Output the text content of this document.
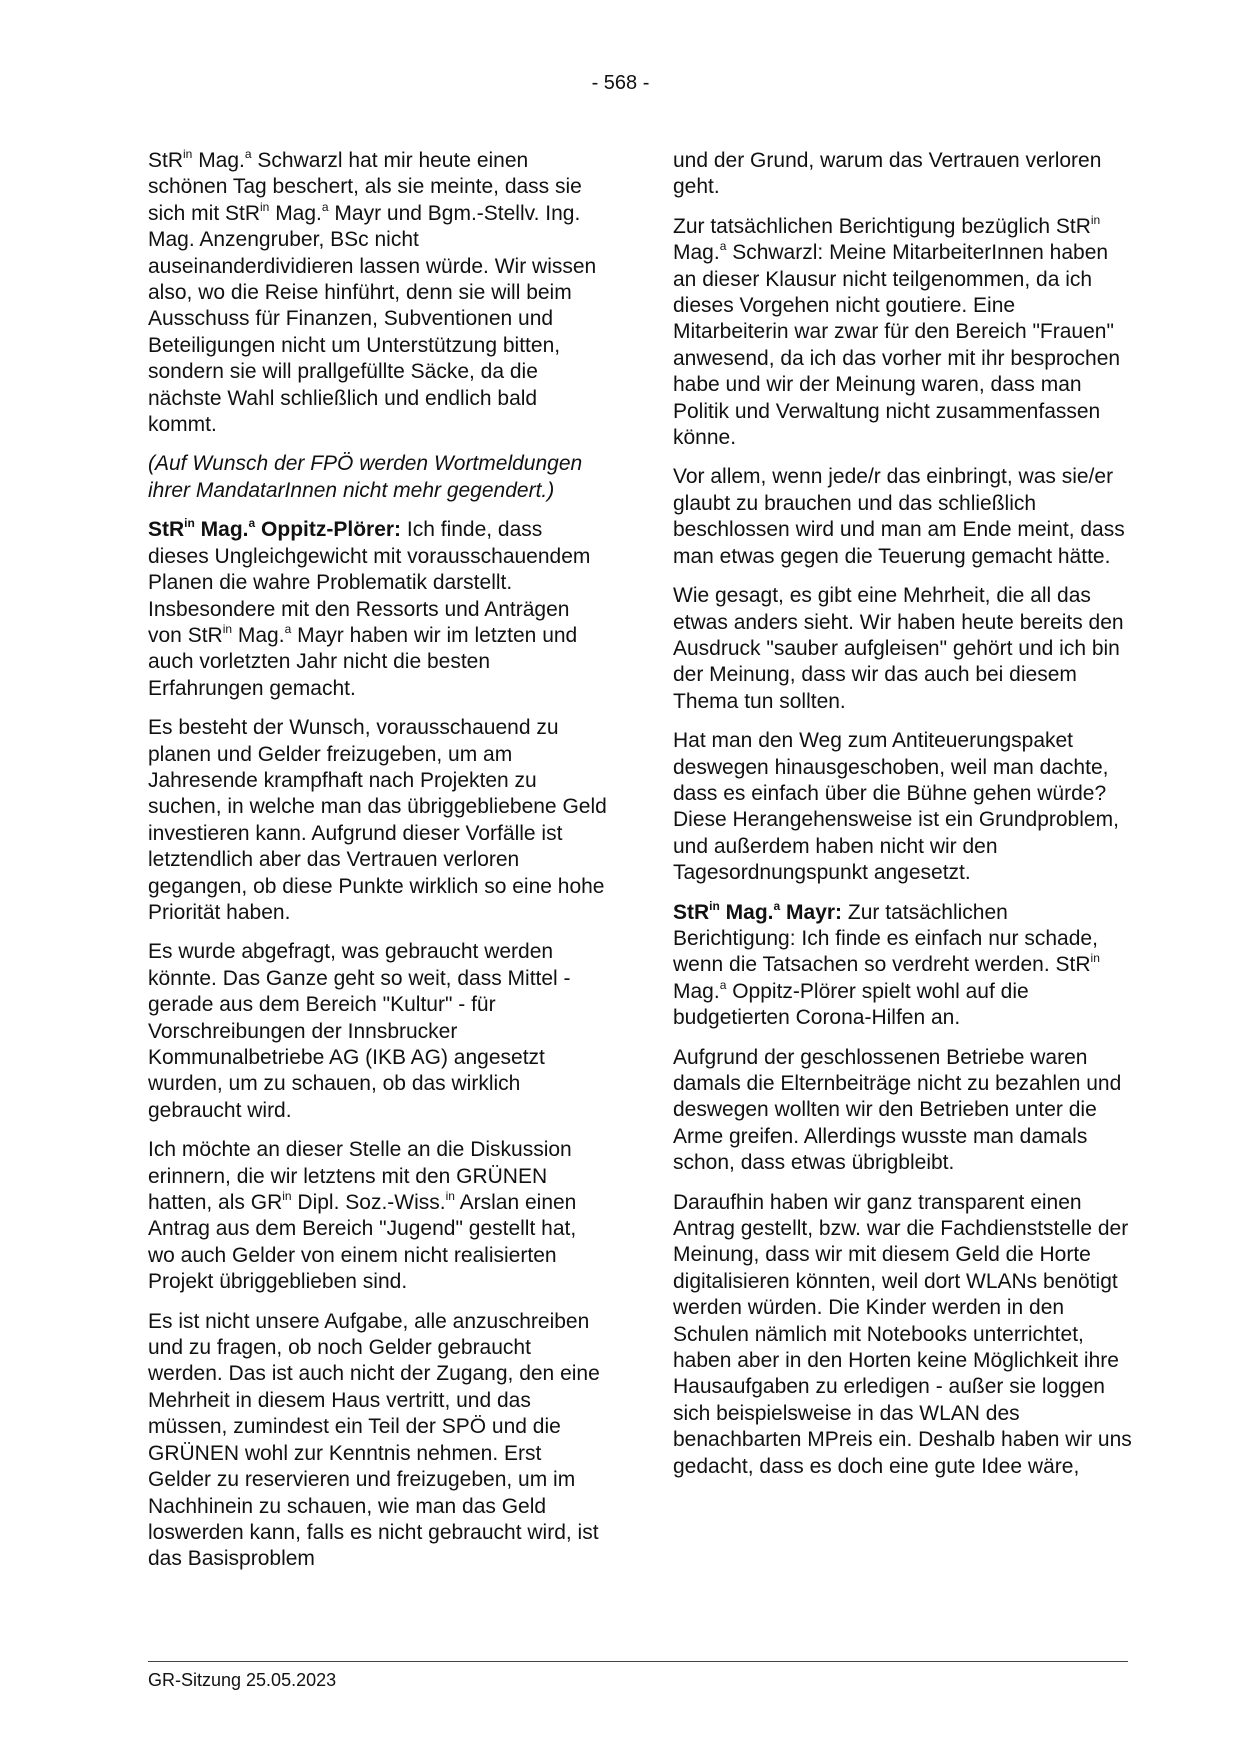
- 568 -

StR$^{in}$ Mag.$^a$ Schwarzl hat mir heute einen schönen Tag beschert, als sie meinte, dass sie sich mit StR$^{in}$ Mag.$^a$ Mayr und Bgm.-Stellv. Ing. Mag. Anzengruber, BSc nicht auseinanderdividieren lassen würde. Wir wissen also, wo die Reise hinführt, denn sie will beim Ausschuss für Finanzen, Subventionen und Beteiligungen nicht um Unterstützung bitten, sondern sie will prallgefüllte Säcke, da die nächste Wahl schließlich und endlich bald kommt.

(Auf Wunsch der FPÖ werden Wortmeldungen ihrer MandatarInnen nicht mehr gegendert.)

StR$^{in}$ Mag.$^a$ Oppitz-Plörer: Ich finde, dass dieses Ungleichgewicht mit vorausschauendem Planen die wahre Problematik darstellt. Insbesondere mit den Ressorts und Anträgen von StR$^{in}$ Mag.$^a$ Mayr haben wir im letzten und auch vorletzten Jahr nicht die besten Erfahrungen gemacht.

Es besteht der Wunsch, vorausschauend zu planen und Gelder freizugeben, um am Jahresende krampfhaft nach Projekten zu suchen, in welche man das übriggebliebene Geld investieren kann. Aufgrund dieser Vorfälle ist letztendlich aber das Vertrauen verloren gegangen, ob diese Punkte wirklich so eine hohe Priorität haben.

Es wurde abgefragt, was gebraucht werden könnte. Das Ganze geht so weit, dass Mittel - gerade aus dem Bereich "Kultur" - für Vorschreibungen der Innsbrucker Kommunalbetriebe AG (IKB AG) angesetzt wurden, um zu schauen, ob das wirklich gebraucht wird.

Ich möchte an dieser Stelle an die Diskussion erinnern, die wir letztens mit den GRÜNEN hatten, als $GR^{in}$ Dipl. Soz.-Wiss.$^{in}$ Arslan einen Antrag aus dem Bereich "Jugend" gestellt hat, wo auch Gelder von einem nicht realisierten Projekt übriggeblieben sind.

Es ist nicht unsere Aufgabe, alle anzuschreiben und zu fragen, ob noch Gelder gebraucht werden. Das ist auch nicht der Zugang, den eine Mehrheit in diesem Haus vertritt, und das müssen, zumindest ein Teil der SPÖ und die GRÜNEN wohl zur Kenntnis nehmen. Erst Gelder zu reservieren und freizugeben, um im Nachhinein zu schauen, wie man das Geld loswerden kann, falls es nicht gebraucht wird, ist das Basisproblem

und der Grund, warum das Vertrauen verloren geht.

Zur tatsächlichen Berichtigung bezüglich StR$^{in}$ Mag.$^a$ Schwarzl: Meine MitarbeiterInnen haben an dieser Klausur nicht teilgenommen, da ich dieses Vorgehen nicht goutiere. Eine Mitarbeiterin war zwar für den Bereich "Frauen" anwesend, da ich das vorher mit ihr besprochen habe und wir der Meinung waren, dass man Politik und Verwaltung nicht zusammenfassen könne.

Vor allem, wenn jede/r das einbringt, was sie/er glaubt zu brauchen und das schließlich beschlossen wird und man am Ende meint, dass man etwas gegen die Teuerung gemacht hätte.

Wie gesagt, es gibt eine Mehrheit, die all das etwas anders sieht. Wir haben heute bereits den Ausdruck "sauber aufgleisen" gehört und ich bin der Meinung, dass wir das auch bei diesem Thema tun sollten.

Hat man den Weg zum Antiteuerungspaket deswegen hinausgeschoben, weil man dachte, dass es einfach über die Bühne gehen würde? Diese Herangehensweise ist ein Grundproblem, und außerdem haben nicht wir den Tagesordnungspunkt angesetzt.

StR$^{in}$ Mag.$^a$ Mayr: Zur tatsächlichen Berichtigung: Ich finde es einfach nur schade, wenn die Tatsachen so verdreht werden. StR$^{in}$ Mag.$^a$ Oppitz-Plörer spielt wohl auf die budgetierten Corona-Hilfen an.

Aufgrund der geschlossenen Betriebe waren damals die Elternbeiträge nicht zu bezahlen und deswegen wollten wir den Betrieben unter die Arme greifen. Allerdings wusste man damals schon, dass etwas übrigbleibt.

Daraufhin haben wir ganz transparent einen Antrag gestellt, bzw. war die Fachdienststelle der Meinung, dass wir mit diesem Geld die Horte digitalisieren könnten, weil dort WLANs benötigt werden würden. Die Kinder werden in den Schulen nämlich mit Notebooks unterrichtet, haben aber in den Horten keine Möglichkeit ihre Hausaufgaben zu erledigen - außer sie loggen sich beispielsweise in das WLAN des benachbarten MPreis ein. Deshalb haben wir uns gedacht, dass es doch eine gute Idee wäre,

GR-Sitzung 25.05.2023
